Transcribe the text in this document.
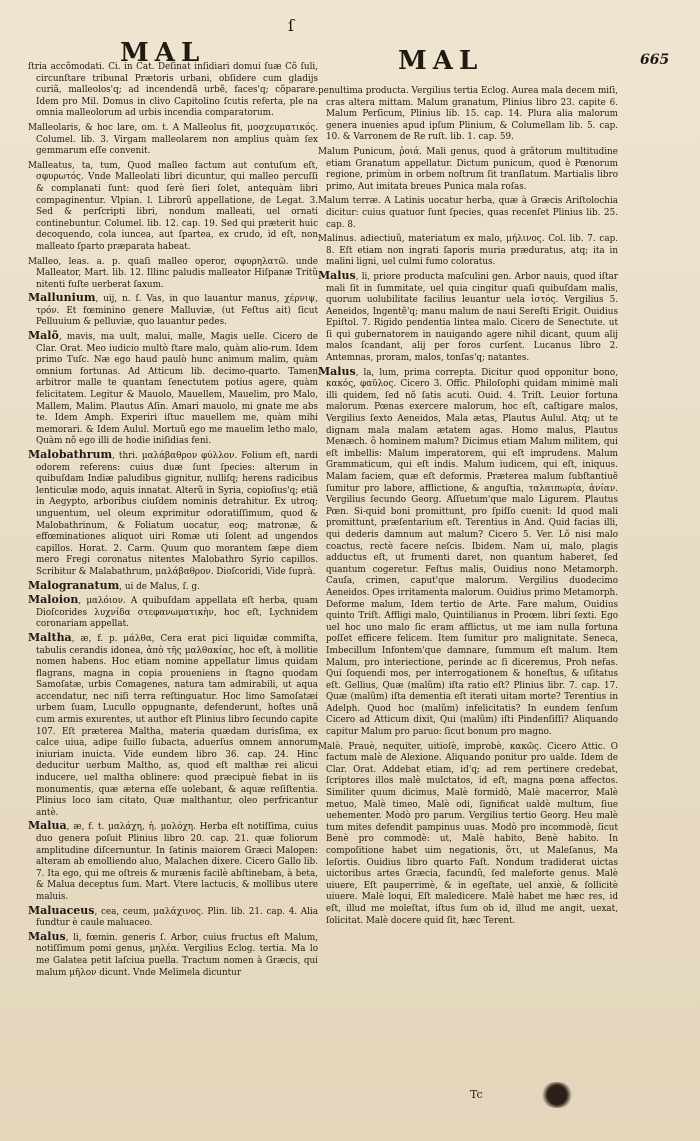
MAL
ſ
MAL	665

ſtria accõmodati. Ci. in Cat. Deſinat inſidiari domui ſuæ Cõ ſuli, circunſtare tribunal Prætoris urbani, obſidere cum gladijs curiã, malleolos'q; ad incendendã urbẽ, faces'q; cõparare. Idem pro Mil. Domus in clivo Capitolino ſcutis referta, ple na omnia malleolorum ad urbis incendia comparatorum.

Malleolaris, & hoc lare, om. t. A Malleolus fit, μοσχευματικός. Columel. lib. 3. Virgam malleolarem non amplius quàm ſex gemmarum eſſe convenit.

Malleatus, ta, tum, Quod malleo factum aut contuſum eſt, σφυρωτός. Vnde Malleolati libri dicuntur, qui malleo percuſſi & complanati ſunt: quod ſerè ſieri ſolet, antequàm libri compaginentur. Vlpian. l. Librorũ appellatione, de Legat. 3. Sed & perſcripti libri, nondum malleati, uel ornati continebuntur. Columel. lib. 12. cap. 19. Sed qui præterit huic decoquendo, cola iuncea, aut ſpartea, ex crudo, id eſt, non malleato ſparto præparata habeat.

Malleo, leas. a. p. quaſi malleo operor, σφυρηλατῶ. unde Malleator, Mart. lib. 12. Illinc paludis malleator Hiſpanæ Tritũ nitenti fuſte uerberat ſaxum.

Mallunium, uij, n. ſ. Vas, in quo lauantur manus, χέρνιψ, τρόν. Et fœminino genere Malluviæ, (ut Feſtus ait) ſicut Pelluuium & pelluviæ, quo lauantur pedes.

Malõ, mavis, ma uult, malui, malle, Magis uelle. Cicero de Clar. Orat. Meo iudicio multò ſtare malo, quàm alio-rum. Idem primo Tuſc. Næ ego haud paulò hunc animum malim, quàm omnium fortunas. Ad Atticum lib. decimo-quarto. Tamen arbitror malle te quantam ſenectutem potius agere, quàm felicitatem. Legitur & Mauolo, Mauellem, Mauelim, pro Malo, Mallem, Malim. Plautus Aſin. Amari mauolo, mi gnate me abs te. Idem Amph. Experiri iſtuc mauellem me, quàm mihi memorari. & Idem Aulul. Mortuũ ego me mauelim letho malo, Quàm nõ ego illi de hodie iniſidias feni.

Malobathrum, thri. μαλάβαθρον φύλλον. Folium eſt, nardi odorem referens: cuius duæ ſunt ſpecies: alterum in quibuſdam Indiæ paludibus gignitur, nulliſq; herens radicibus lenticulæ modo, aquis innatat. Alterũ in Syria, copioſius'q; etiã in Aegypto, arboribus ciuſdem nominis detrahitur. Ex utroq; unguentum, uel oleum exprimitur odoratiſſimum, quod & Malobathrinum, & Foliatum uocatur, eoq; matronæ, & effœminationes aliquot uiri Romæ uti ſolent ad ungendos capillos. Horat. 2. Carm. Quum quo morantem ſæpe diem mero Fregi coronatus nitentes Malobathro Syrio capillos. Scribitur & Malabathrum, μαλάβαθρον. Dioſcoridi, Vide ſuprà.

Malogranatum, ui de Malus, ſ. g.

Maloion, μαλόιον. A quibuſdam appellata eſt herba, quam Dioſcorides λυχνίδα στεφανωματικὴν, hoc eſt, Lychnidem coronariam appellat.

Maltha, æ, f. p. μάλθα, Cera erat pici liquidæ commiſta, tabulis cerandis idonea, ἀπὸ τῆς μαλθακίας, hoc eſt, à mollitie nomen habens. Hoc etiam nomine appellatur limus quidam flagrans, magna in copia proueniens in ſtagno quodam Samoſatæ, urbis Comagenes, natura tam admirabili, ut aqua accendatur, nec niſi terra reſtinguatur. Hoc limo Samoſatæi urbem ſuam, Lucullo oppugnante, defenderunt, hoſtes unã cum armis exurentes, ut author eſt Plinius libro ſecundo capite 107. Eſt præterea Maltha, materia quædam durisſima, ex calce uiua, adipe ſuillo ſubacta, aduerſus omnem annorum iniuriam inuicta. Vide eundem libro 36. cap. 24. Hinc deducitur uerbum Maltho, as, quod eſt malthæ rei alicui inducere, uel maltha oblinere: quod præcipuè fiebat in iis monumentis, quæ æterna eſſe uolebant, & aquæ reſiſtentia. Plinius loco iam citato, Quæ malthantur, oleo perfricantur antè.

Malua, æ, f. t. μαλάχη, ἡ. μολόχη. Herba eſt notiſſima, cuius duo genera poſuit Plinius libro 20. cap. 21. quæ foliorum amplitudine diſcernuntur. In ſatinis maiorem Græci Malopen: alteram ab emolliendo aluo, Malachen dixere. Cicero Gallo lib. 7. Ita ego, qui me oſtreis & murænis facilè abſtinebam, à beta, & Malua deceptus ſum. Mart. Vtere lactucis, & mollibus utere maluis.

Maluaceus, cea, ceum, μαλάχινος. Plin. lib. 21. cap. 4. Alia fundtur è caule maluaceo.

Malus, li, fœmin. generis ſ. Arbor, cuius fructus eſt Malum, notiſſimum pomi genus, μηλέα. Vergilius Eclog. tertia. Ma lo me Galatea petit laſciua puella. Tractum nomen à Græcis, qui malum μῆλον dicunt. Vnde Melimela dicuntur

penultima producta. Vergilius tertia Eclog. Aurea mala decem miſi, cras altera mittam. Malum granatum, Plinius libro 23. capite 6. Malum Perſicum, Plinius lib. 15. cap. 14. Plura alia malorum genera inuenies apud ipſum Plinium, & Columellam lib. 5. cap. 10. & Varronem de Re ruſt. lib. 1. cap. 59.

Malum Punicum, ῥοιά. Mali genus, quod à grãtorum multitudine etiam Granatum appellatur. Dictum punicum, quod è Pœnorum regione, primùm in orbem noſtrum ſit tranſlatum. Martialis libro primo, Aut imitata breues Punica mala roſas.

Malum terræ. A Latinis uocatur herba, quæ à Græcis Ariſtolochia dicitur: cuius quatuor ſunt ſpecies, quas recenſet Plinius lib. 25. cap. 8.

Malinus. adiectiuũ, materiatum ex malo, μήλινος. Col. lib. 7. cap. 8. Eſt etiam non ingrati ſaporis muria præduratus, atq; ita in malini ligni, uel culmi fumo coloratus.

Malus, li, priore producta maſculini gen. Arbor nauis, quod iſtar mali ſit in ſummitate, uel quia cingitur quaſi quibuſdam malis, quorum uolubilitate facilius leuantur uela ἱστός. Vergilius 5. Aeneidos, Ingentẽ'q; manu malum de naui Sereſti Erigit. Ouidius Epiſtol. 7. Rigido pendentia lintea malo. Cicero de Senectute. ut ſi qui gubernatorem in nauigando agere nihil dicant, quum alij malos ſcandant, alij per foros curſent. Lucanus libro 2. Antemnas, proram, malos, tonſas'q; natantes.

Malus, la, lum, prima correpta. Dicitur quod opponitur bono, κακός, φαῦλος. Cicero 3. Offic. Philoſophi quidam minimè mali illi quidem, ſed nõ ſatis acuti. Ouid. 4. Triſt. Leuior fortuna malorum. Pœnas exercere malorum, hoc eſt, caſtigare malos, Vergilius ſexto Aeneidos, Mala ætas, Plautus Aulul. Atq; ut te dignam mala malam ætatem agas. Homo malus, Plautus Menæch. ô hominem malum? Dicimus etiam Malum militem, qui eſt imbellis: Malum imperatorem, qui eſt imprudens. Malum Grammaticum, qui eſt indis. Malum iudicem, qui eſt, iniquus. Malam faciem, quæ eſt deformis. Præterea malum ſubſtantiuẽ ſumitur pro labore, afflictione, & anguſtia, ταλαιπωρία, ἀνίαν. Vergilius ſecundo Georg. Aſſuetum'que malo Ligurem. Plautus Pœn. Si-quid boni promittunt, pro ſpiſſo cuenit: Id quod mali promittunt, præſentarium eſt. Terentius in And. Quid facias illi, qui dederis damnum aut malum? Cicero 5. Ver. Lõ nisi malo coactus, rectè facere neſcis. Ibidem. Nam ui, malo, plagis adductus eſt, ut frumenti daret, non quantum haberet, ſed quantum cogeretur. Feſtus malis, Ouidius nono Metamorph. Cauſa, crimen, caput'que malorum. Vergilius duodecimo Aeneidos. Opes irritamenta malorum. Ouidius primo Metamorph. Deforme malum, Idem tertio de Arte. Fare malum, Ouidius quinto Triſt. Affligi malo, Quintilianus in Proœm. libri ſexti. Ego uel hoc uno malo ſic eram afflictus, ut me iam nulla fortuna poſſet efficere felicem. Item ſumitur pro malignitate. Seneca, Imbecillum Infontem'que damnare, ſummum eſt malum. Item Malum, pro interiectione, perinde ac ſi diceremus, Proh nefas. Qui ſoquendi mos, per interrogationem & honeſtus, & uſitatus eſt. Gellius, Quæ (malũm) iſta ratio eſt? Plinius libr. 7. cap. 17. Quæ (malũm) iſta dementia eſt iterati uitam morte? Terentius in Adelph. Quod hoc (malũm) infelicitatis? In eundem ſenſum Cicero ad Atticum dixit, Qui (malũm) iſti Pindenſiſſi? Aliquando capitur Malum pro paruo: ſicut bonum pro magno.

Malè. Prauè, nequiter, uitioſè, improbè, κακῶς. Cicero Attic. O factum malè de Alexione. Aliquando ponitur pro ualde. Idem de Clar. Orat. Addebat etiam, id'q; ad rem pertinere credebat, ſcriptores illos malè mulctatos, id eſt, magna pœna affectos. Similiter quum dicimus, Malè formidò, Malè macerror, Malè metuo, Malè timeo, Malè odi, ſignificat ualdè multum, ſiue uehementer. Modò pro parum. Vergilius tertio Georg. Heu malè tum mites defendit pampinus uuas. Modò pro incommodè, ſicut Benè pro commodè: ut, Malè habito, Benè habito. In compoſitione habet uim negationis, ὅτι, ut Maleſanus, Ma leſortis. Ouidius libro quarto Faſt. Nondum tradiderat uictas uictoribus artes Græcia, facundũ, ſed maleforte genus. Malè uiuere, Eſt pauperrimè, & in egeſtate, uel anxiè, & ſollicitè uiuere. Malè loqui, Eſt maledicere. Malè habet me hæc res, id eſt, illud me moleſtat, iſtus ſum ob id, illud me angit, uexat, ſolicitat. Malè docere quid ſit, hæc Terent.

Tc
